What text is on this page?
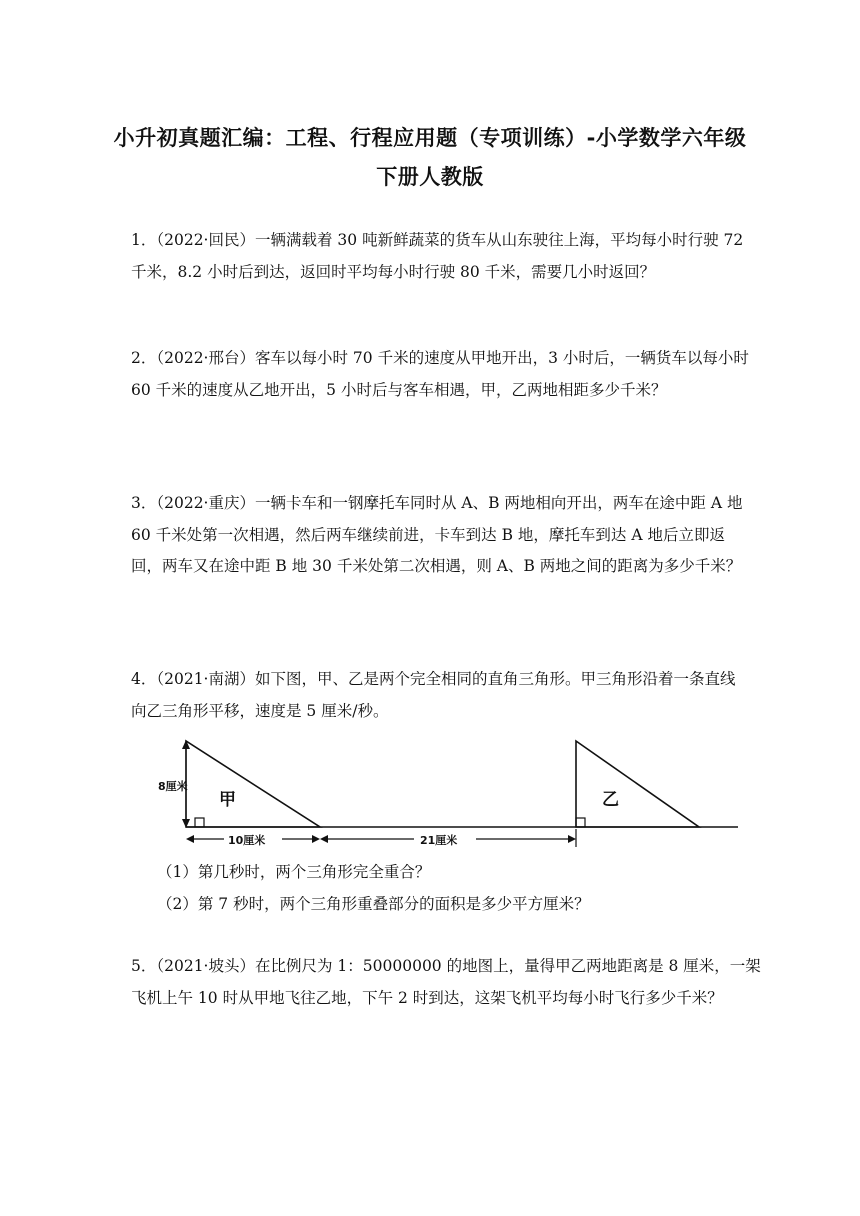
小升初真题汇编：工程、行程应用题（专项训练）-小学数学六年级
下册人教版
1．（2022·回民）一辆满载着 30 吨新鲜蔬菜的货车从山东驶往上海，平均每小时行驶 72
千米，8.2 小时后到达，返回时平均每小时行驶 80 千米，需要几小时返回？
2．（2022·邢台）客车以每小时 70 千米的速度从甲地开出，3 小时后，一辆货车以每小时
60 千米的速度从乙地开出，5 小时后与客车相遇，甲，乙两地相距多少千米？
3．（2022·重庆）一辆卡车和一钢摩托车同时从 A、B 两地相向开出，两车在途中距 A 地
60 千米处第一次相遇，然后两车继续前进，卡车到达 B 地，摩托车到达 A 地后立即返
回，两车又在途中距 B 地 30 千米处第二次相遇，则 A、B 两地之间的距离为多少千米？
4．（2021·南湖）如下图，甲、乙是两个完全相同的直角三角形。甲三角形沿着一条直线
向乙三角形平移，速度是 5 厘米/秒。
甲	乙
8厘米
10厘米	21厘米
（1）第几秒时，两个三角形完全重合？
（2）第 7 秒时，两个三角形重叠部分的面积是多少平方厘米？
5．（2021·坡头）在比例尺为 1：50000000 的地图上，量得甲乙两地距离是 8 厘米，一架
飞机上午 10 时从甲地飞往乙地，下午 2 时到达，这架飞机平均每小时飞行多少千米？
